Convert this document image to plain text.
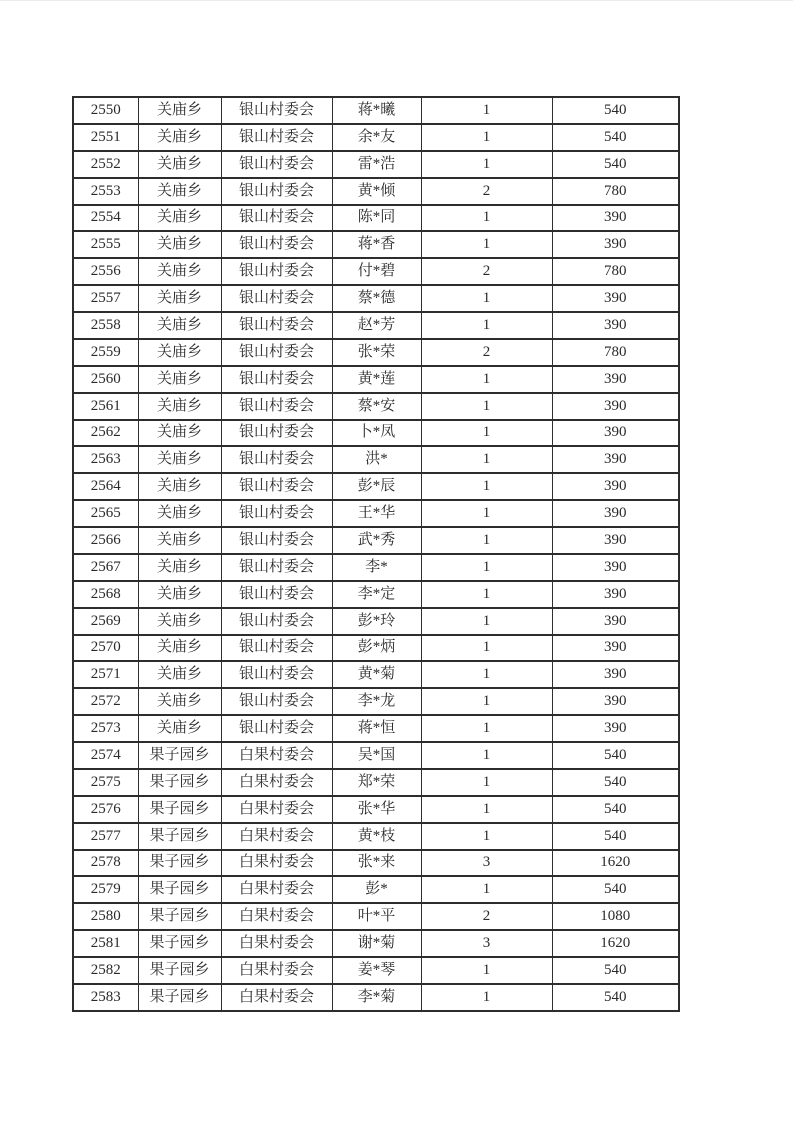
2550	关庙乡	银山村委会	蒋*曦	1	540
2551	关庙乡	银山村委会	余*友	1	540
2552	关庙乡	银山村委会	雷*浩	1	540
2553	关庙乡	银山村委会	黄*倾	2	780
2554	关庙乡	银山村委会	陈*同	1	390
2555	关庙乡	银山村委会	蒋*香	1	390
2556	关庙乡	银山村委会	付*碧	2	780
2557	关庙乡	银山村委会	蔡*德	1	390
2558	关庙乡	银山村委会	赵*芳	1	390
2559	关庙乡	银山村委会	张*荣	2	780
2560	关庙乡	银山村委会	黄*莲	1	390
2561	关庙乡	银山村委会	蔡*安	1	390
2562	关庙乡	银山村委会	卜*凤	1	390
2563	关庙乡	银山村委会	洪*	1	390
2564	关庙乡	银山村委会	彭*辰	1	390
2565	关庙乡	银山村委会	王*华	1	390
2566	关庙乡	银山村委会	武*秀	1	390
2567	关庙乡	银山村委会	李*	1	390
2568	关庙乡	银山村委会	李*定	1	390
2569	关庙乡	银山村委会	彭*玲	1	390
2570	关庙乡	银山村委会	彭*炳	1	390
2571	关庙乡	银山村委会	黄*菊	1	390
2572	关庙乡	银山村委会	李*龙	1	390
2573	关庙乡	银山村委会	蒋*恒	1	390
2574	果子园乡	白果村委会	吴*国	1	540
2575	果子园乡	白果村委会	郑*荣	1	540
2576	果子园乡	白果村委会	张*华	1	540
2577	果子园乡	白果村委会	黄*枝	1	540
2578	果子园乡	白果村委会	张*来	3	1620
2579	果子园乡	白果村委会	彭*	1	540
2580	果子园乡	白果村委会	叶*平	2	1080
2581	果子园乡	白果村委会	谢*菊	3	1620
2582	果子园乡	白果村委会	姜*琴	1	540
2583	果子园乡	白果村委会	李*菊	1	540
